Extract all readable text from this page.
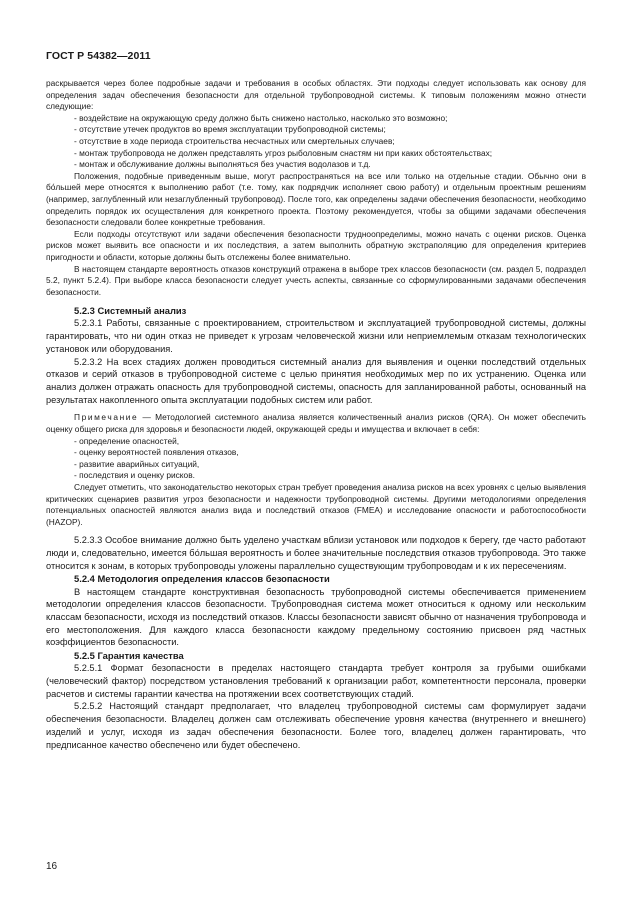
ГОСТ Р 54382—2011

раскрывается через более подробные задачи и требования в особых областях. Эти подходы следует использовать как основу для определения задач обеспечения безопасности для отдельной трубопроводной системы. К типовым положениям можно отнести следующие:

- воздействие на окружающую среду должно быть снижено настолько, насколько это возможно;

- отсутствие утечек продуктов во время эксплуатации трубопроводной системы;

- отсутствие в ходе периода строительства несчастных или смертельных случаев;

- монтаж трубопровода не должен представлять угроз рыболовным снастям ни при каких обстоятельствах;

- монтаж и обслуживание должны выполняться без участия водолазов и т.д.

Положения, подобные приведенным выше, могут распространяться на все или только на отдельные стадии. Обычно они в бо́льшей мере относятся к выполнению работ (т.е. тому, как подрядчик исполняет свою работу) и отдельным проектным решениям (например, заглубленный или незаглубленный трубопровод). После того, как определены задачи обеспечения безопасности, необходимо определить порядок их осуществления для конкретного проекта. Поэтому рекомендуется, чтобы за общими задачами обеспечения безопасности следовали более конкретные требования.

Если подходы отсутствуют или задачи обеспечения безопасности трудноопределимы, можно начать с оценки рисков. Оценка рисков может выявить все опасности и их последствия, а затем выполнить обратную экстраполяцию для определения критериев пригодности и области, которые должны быть отслежены более внимательно.

В настоящем стандарте вероятность отказов конструкций отражена в выборе трех классов безопасности (см. раздел 5, подраздел 5.2, пункт 5.2.4). При выборе класса безопасности следует учесть аспекты, связанные со сформулированными задачами обеспечения безопасности.

5.2.3 Системный анализ

5.2.3.1 Работы, связанные с проектированием, строительством и эксплуатацией трубопроводной системы, должны гарантировать, что ни один отказ не приведет к угрозам человеческой жизни или неприемлемым отказам технологических установок или оборудования.

5.2.3.2 На всех стадиях должен проводиться системный анализ для выявления и оценки последствий отдельных отказов и серий отказов в трубопроводной системе с целью принятия необходимых мер по их устранению. Оценка или анализ должен отражать опасность для трубопроводной системы, опасность для запланированной работы, основанный на результатах накопленного опыта эксплуатации подобных систем или работ.

Примечание — Методологией системного анализа является количественный анализ рисков (QRA). Он может обеспечить оценку общего риска для здоровья и безопасности людей, окружающей среды и имущества и включает в себя:

- определение опасностей,

- оценку вероятностей появления отказов,

- развитие аварийных ситуаций,

- последствия и оценку рисков.

Следует отметить, что законодательство некоторых стран требует проведения анализа рисков на всех уровнях с целью выявления критических сценариев развития угроз безопасности и надежности трубопроводной системы. Другими методологиями определения потенциальных опасностей являются анализ вида и последствий отказов (FMEA) и исследование опасности и работоспособности (HAZOP).

5.2.3.3 Особое внимание должно быть уделено участкам вблизи установок или подходов к берегу, где часто работают люди и, следовательно, имеется бо́льшая вероятность и более значительные последствия отказов трубопровода. Это также относится к зонам, в которых трубопроводы уложены параллельно существующим трубопроводам и к их пересечениям.

5.2.4 Методология определения классов безопасности

В настоящем стандарте конструктивная безопасность трубопроводной системы обеспечивается применением методологии определения классов безопасности. Трубопроводная система может относиться к одному или нескольким классам безопасности, исходя из последствий отказов. Классы безопасности зависят обычно от назначения трубопровода и его местоположения. Для каждого класса безопасности каждому предельному состоянию присвоен ряд частных коэффициентов безопасности.

5.2.5 Гарантия качества

5.2.5.1 Формат безопасности в пределах настоящего стандарта требует контроля за грубыми ошибками (человеческий фактор) посредством установления требований к организации работ, компетентности персонала, проверки расчетов и системы гарантии качества на протяжении всех соответствующих стадий.

5.2.5.2 Настоящий стандарт предполагает, что владелец трубопроводной системы сам формулирует задачи обеспечения безопасности. Владелец должен сам отслеживать обеспечение уровня качества (внутреннего и внешнего) изделий и услуг, исходя из задач обеспечения безопасности. Более того, владелец должен гарантировать, что предписанное качество обеспечено или будет обеспечено.

16
